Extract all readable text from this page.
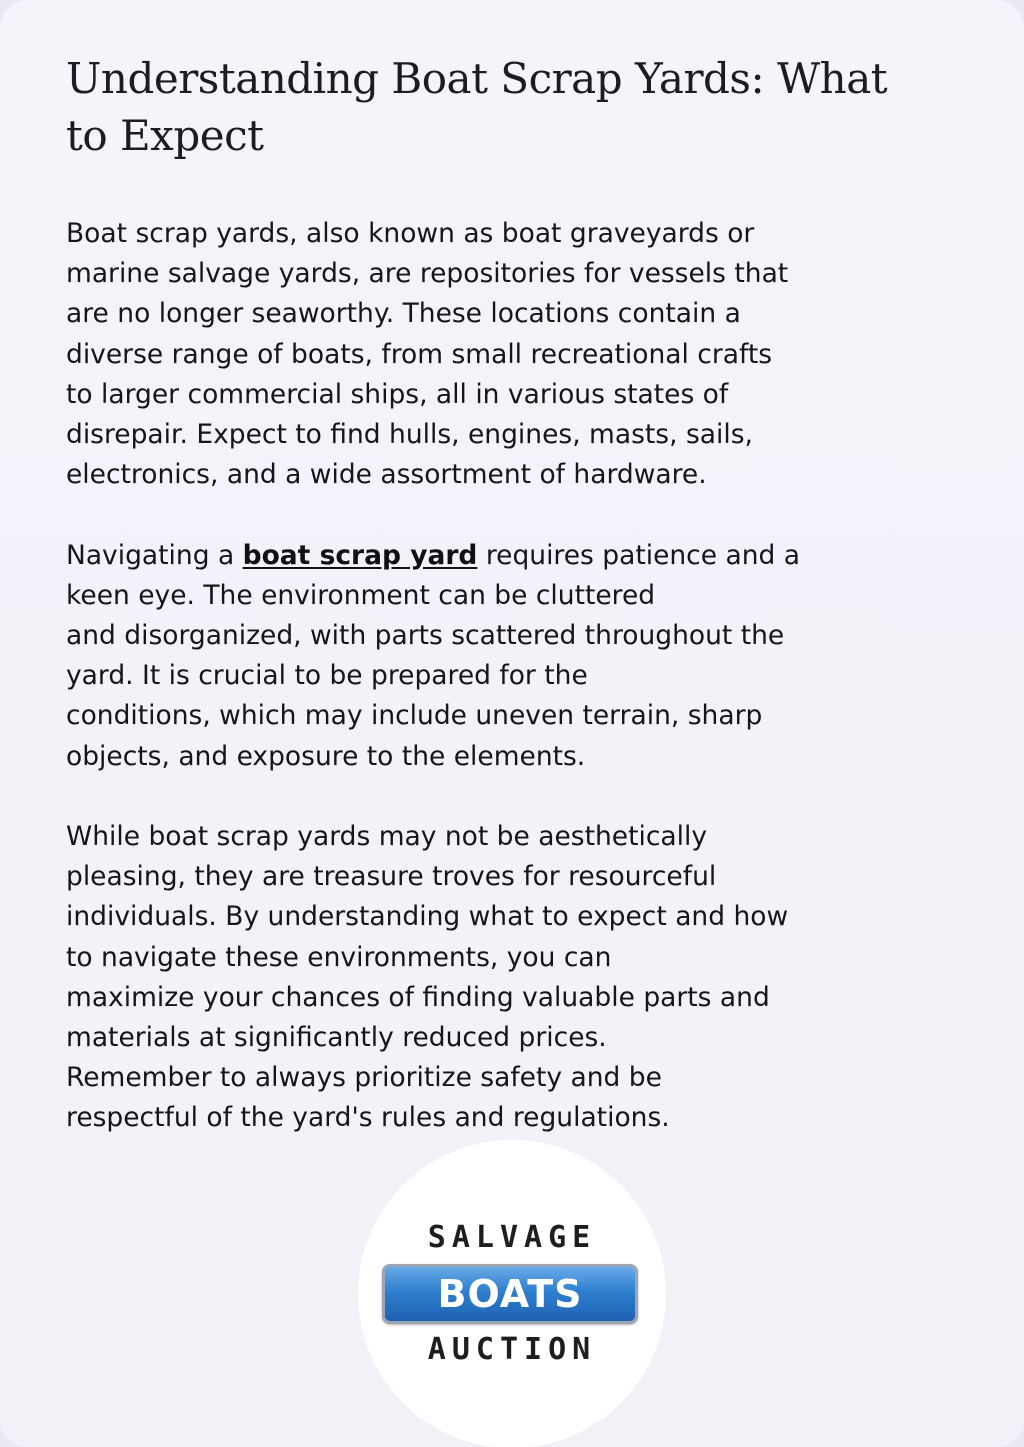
Understanding Boat Scrap Yards: What
to Expect

Boat scrap yards, also known as boat graveyards or
marine salvage yards, are repositories for vessels that
are no longer seaworthy. These locations contain a
diverse range of boats, from small recreational crafts
to larger commercial ships, all in various states of
disrepair. Expect to find hulls, engines, masts, sails,
electronics, and a wide assortment of hardware.

Navigating a boat scrap yard requires patience and a
keen eye. The environment can be cluttered
and disorganized, with parts scattered throughout the
yard. It is crucial to be prepared for the
conditions, which may include uneven terrain, sharp
objects, and exposure to the elements.

While boat scrap yards may not be aesthetically
pleasing, they are treasure troves for resourceful
individuals. By understanding what to expect and how
to navigate these environments, you can
maximize your chances of finding valuable parts and
materials at significantly reduced prices.
Remember to always prioritize safety and be
respectful of the yard's rules and regulations.

SALVAGE
BOATS
AUCTION
